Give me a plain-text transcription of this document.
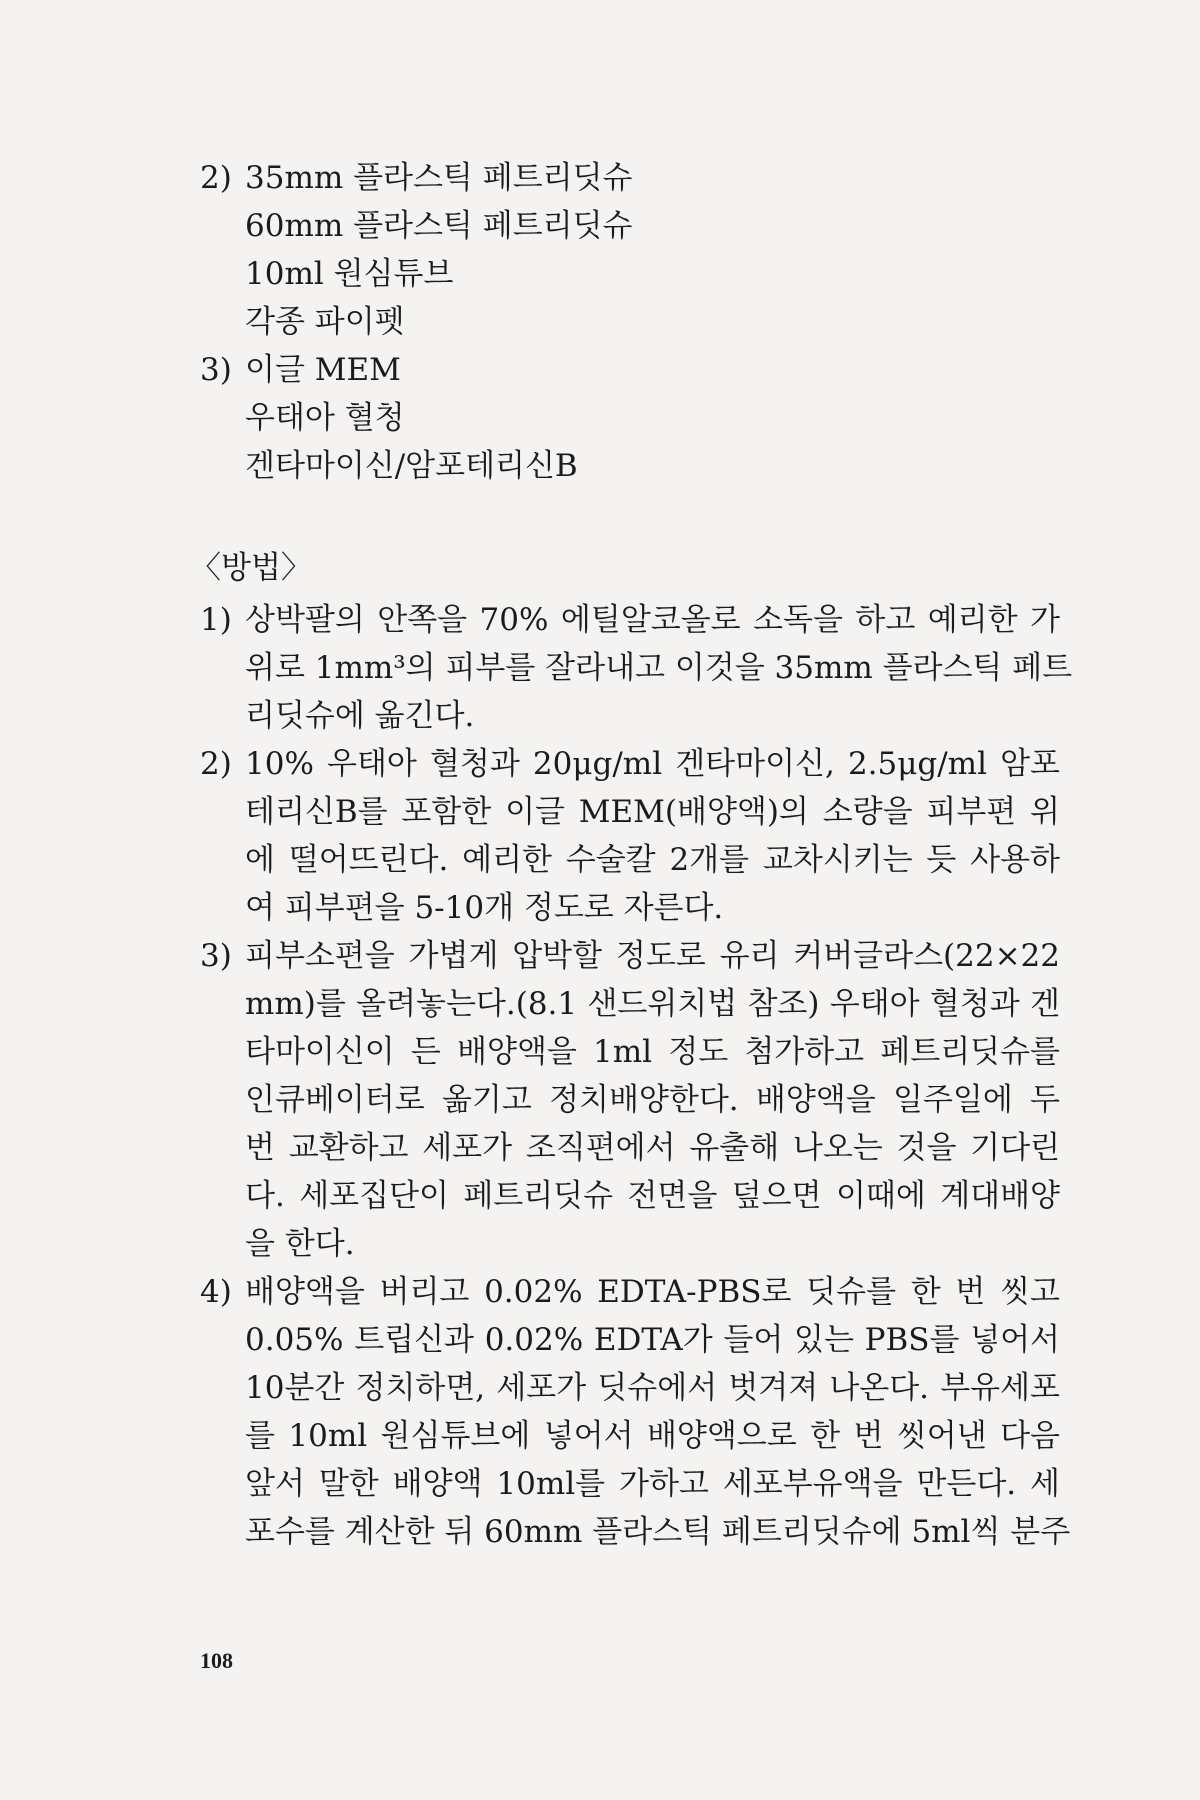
2) 35mm 플라스틱 페트리딧슈
60mm 플라스틱 페트리딧슈
10ml 원심튜브
각종 파이펫
3) 이글 MEM
우태아 혈청
겐타마이신/암포테리신B
〈방법〉
1) 상박팔의 안쪽을 70% 에틸알코올로 소독을 하고 예리한 가
위로 1mm³의 피부를 잘라내고 이것을 35mm 플라스틱 페트
리딧슈에 옮긴다.
2) 10% 우태아 혈청과 20μg/ml 겐타마이신, 2.5μg/ml 암포
테리신B를 포함한 이글 MEM(배양액)의 소량을 피부편 위
에 떨어뜨린다. 예리한 수술칼 2개를 교차시키는 듯 사용하
여 피부편을 5-10개 정도로 자른다.
3) 피부소편을 가볍게 압박할 정도로 유리 커버글라스(22×22
mm)를 올려놓는다.(8.1 샌드위치법 참조) 우태아 혈청과 겐
타마이신이 든 배양액을 1ml 정도 첨가하고 페트리딧슈를
인큐베이터로 옮기고 정치배양한다. 배양액을 일주일에 두
번 교환하고 세포가 조직편에서 유출해 나오는 것을 기다린
다. 세포집단이 페트리딧슈 전면을 덮으면 이때에 계대배양
을 한다.
4) 배양액을 버리고 0.02% EDTA-PBS로 딧슈를 한 번 씻고
0.05% 트립신과 0.02% EDTA가 들어 있는 PBS를 넣어서
10분간 정치하면, 세포가 딧슈에서 벗겨져 나온다. 부유세포
를 10ml 원심튜브에 넣어서 배양액으로 한 번 씻어낸 다음
앞서 말한 배양액 10ml를 가하고 세포부유액을 만든다. 세
포수를 계산한 뒤 60mm 플라스틱 페트리딧슈에 5ml씩 분주
108
